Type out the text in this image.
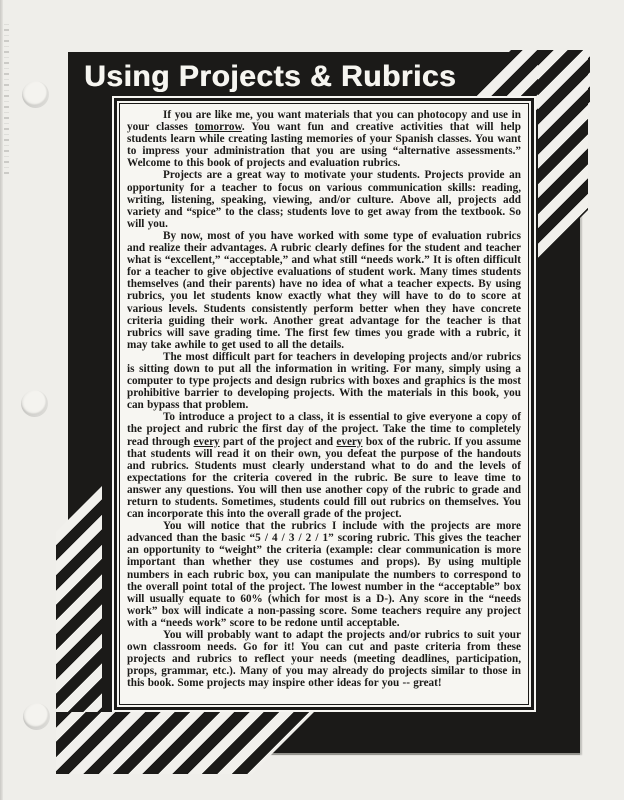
Using Projects & Rubrics

If you are like me, you want materials that you can photocopy and use in your classes tomorrow. You want fun and creative activities that will help students learn while creating lasting memories of your Spanish classes. You want to impress your administration that you are using “alternative assessments.” Welcome to this book of projects and evaluation rubrics.

Projects are a great way to motivate your students. Projects provide an opportunity for a teacher to focus on various communication skills: reading, writing, listening, speaking, viewing, and/or culture. Above all, projects add variety and “spice” to the class; students love to get away from the textbook. So will you.

By now, most of you have worked with some type of evaluation rubrics and realize their advantages. A rubric clearly defines for the student and teacher what is “excellent,” “acceptable,” and what still “needs work.” It is often difficult for a teacher to give objective evaluations of student work. Many times students themselves (and their parents) have no idea of what a teacher expects. By using rubrics, you let students know exactly what they will have to do to score at various levels. Students consistently perform better when they have concrete criteria guiding their work. Another great advantage for the teacher is that rubrics will save grading time. The first few times you grade with a rubric, it may take awhile to get used to all the details.

The most difficult part for teachers in developing projects and/or rubrics is sitting down to put all the information in writing. For many, simply using a computer to type projects and design rubrics with boxes and graphics is the most prohibitive barrier to developing projects. With the materials in this book, you can bypass that problem.

To introduce a project to a class, it is essential to give everyone a copy of the project and rubric the first day of the project. Take the time to completely read through every part of the project and every box of the rubric. If you assume that students will read it on their own, you defeat the purpose of the handouts and rubrics. Students must clearly understand what to do and the levels of expectations for the criteria covered in the rubric. Be sure to leave time to answer any questions. You will then use another copy of the rubric to grade and return to students. Sometimes, students could fill out rubrics on themselves. You can incorporate this into the overall grade of the project.

You will notice that the rubrics I include with the projects are more advanced than the basic “5 / 4 / 3 / 2 / 1” scoring rubric. This gives the teacher an opportunity to “weight” the criteria (example: clear communication is more important than whether they use costumes and props). By using multiple numbers in each rubric box, you can manipulate the numbers to correspond to the overall point total of the project. The lowest number in the “acceptable” box will usually equate to 60% (which for most is a D-). Any score in the “needs work” box will indicate a non-passing score. Some teachers require any project with a “needs work” score to be redone until acceptable.

You will probably want to adapt the projects and/or rubrics to suit your own classroom needs. Go for it! You can cut and paste criteria from these projects and rubrics to reflect your needs (meeting deadlines, participation, props, grammar, etc.). Many of you may already do projects similar to those in this book. Some projects may inspire other ideas for you -- great!
